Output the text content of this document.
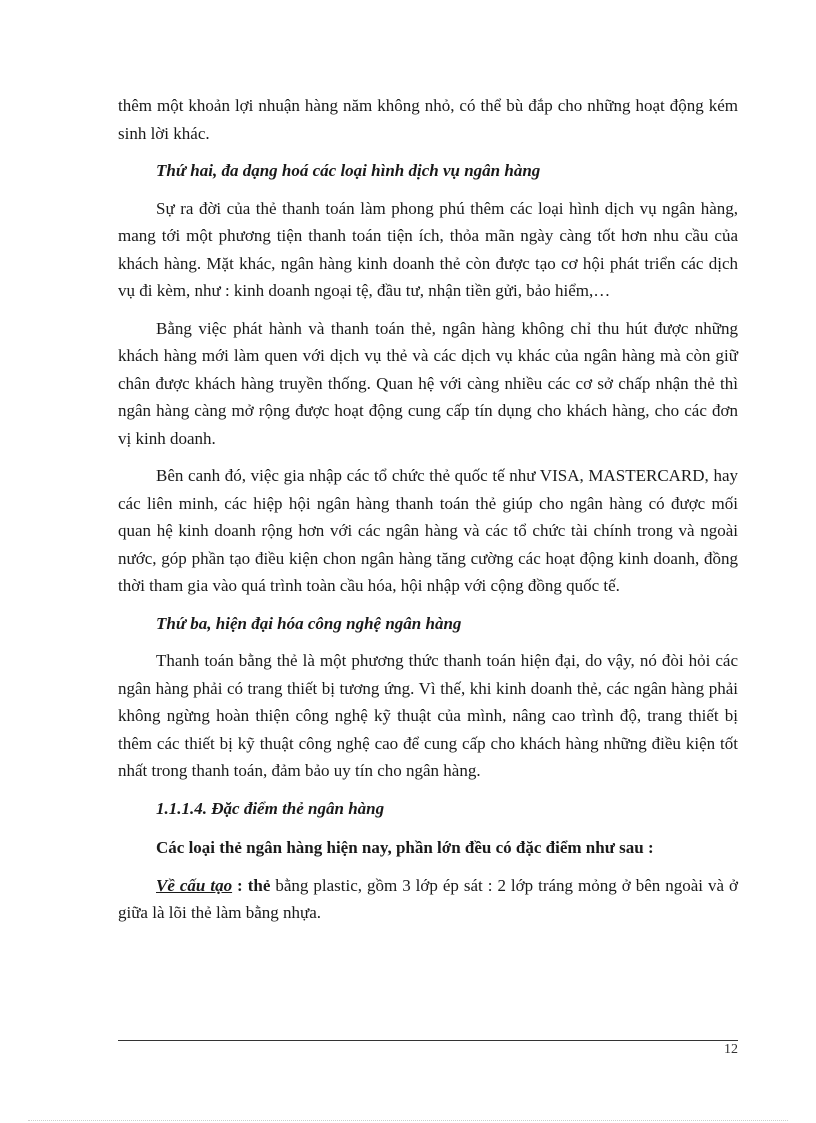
thêm một khoản lợi nhuận hàng năm không nhỏ, có thể bù đắp cho những hoạt động kém sinh lời khác.

Thứ hai, đa dạng hoá các loại hình dịch vụ ngân hàng

Sự ra đời của thẻ thanh toán làm phong phú thêm các loại hình dịch vụ ngân hàng, mang tới một phương tiện thanh toán tiện ích, thỏa mãn ngày càng tốt hơn nhu cầu của khách hàng. Mặt khác, ngân hàng kinh doanh thẻ còn được tạo cơ hội phát triển các dịch vụ đi kèm, như : kinh doanh ngoại tệ, đầu tư, nhận tiền gửi, bảo hiểm,…

Bằng việc phát hành và thanh toán thẻ, ngân hàng không chỉ thu hút được những khách hàng mới làm quen với dịch vụ thẻ và các dịch vụ khác của ngân hàng mà còn giữ chân được khách hàng truyền thống. Quan hệ với càng nhiều các cơ sở chấp nhận thẻ thì ngân hàng càng mở rộng được hoạt động cung cấp tín dụng cho khách hàng, cho các đơn vị kinh doanh.

Bên canh đó, việc gia nhập các tổ chức thẻ quốc tế như VISA, MASTERCARD, hay các liên minh, các hiệp hội ngân hàng thanh toán thẻ giúp cho ngân hàng có được mối quan hệ kinh doanh rộng hơn với các ngân hàng và các tổ chức tài chính trong và ngoài nước, góp phần tạo điều kiện chon ngân hàng tăng cường các hoạt động kinh doanh, đồng thời tham gia vào quá trình toàn cầu hóa, hội nhập với cộng đồng quốc tế.

Thứ ba, hiện đại hóa công nghệ ngân hàng

Thanh toán bằng thẻ là một phương thức thanh toán hiện đại, do vậy, nó đòi hỏi các ngân hàng phải có trang thiết bị tương ứng. Vì thế, khi kinh doanh thẻ, các ngân hàng phải không ngừng hoàn thiện công nghệ kỹ thuật của mình, nâng cao trình độ, trang thiết bị thêm các thiết bị kỹ thuật công nghệ cao để cung cấp cho khách hàng những điều kiện tốt nhất trong thanh toán, đảm bảo uy tín cho ngân hàng.

1.1.1.4. Đặc điểm thẻ ngân hàng

Các loại thẻ ngân hàng hiện nay, phần lớn đều có đặc điểm như sau :

Về cấu tạo : thẻ bằng plastic, gồm 3 lớp ép sát : 2 lớp tráng mỏng ở bên ngoài và ở giữa là lõi thẻ làm bằng nhựa.

12
